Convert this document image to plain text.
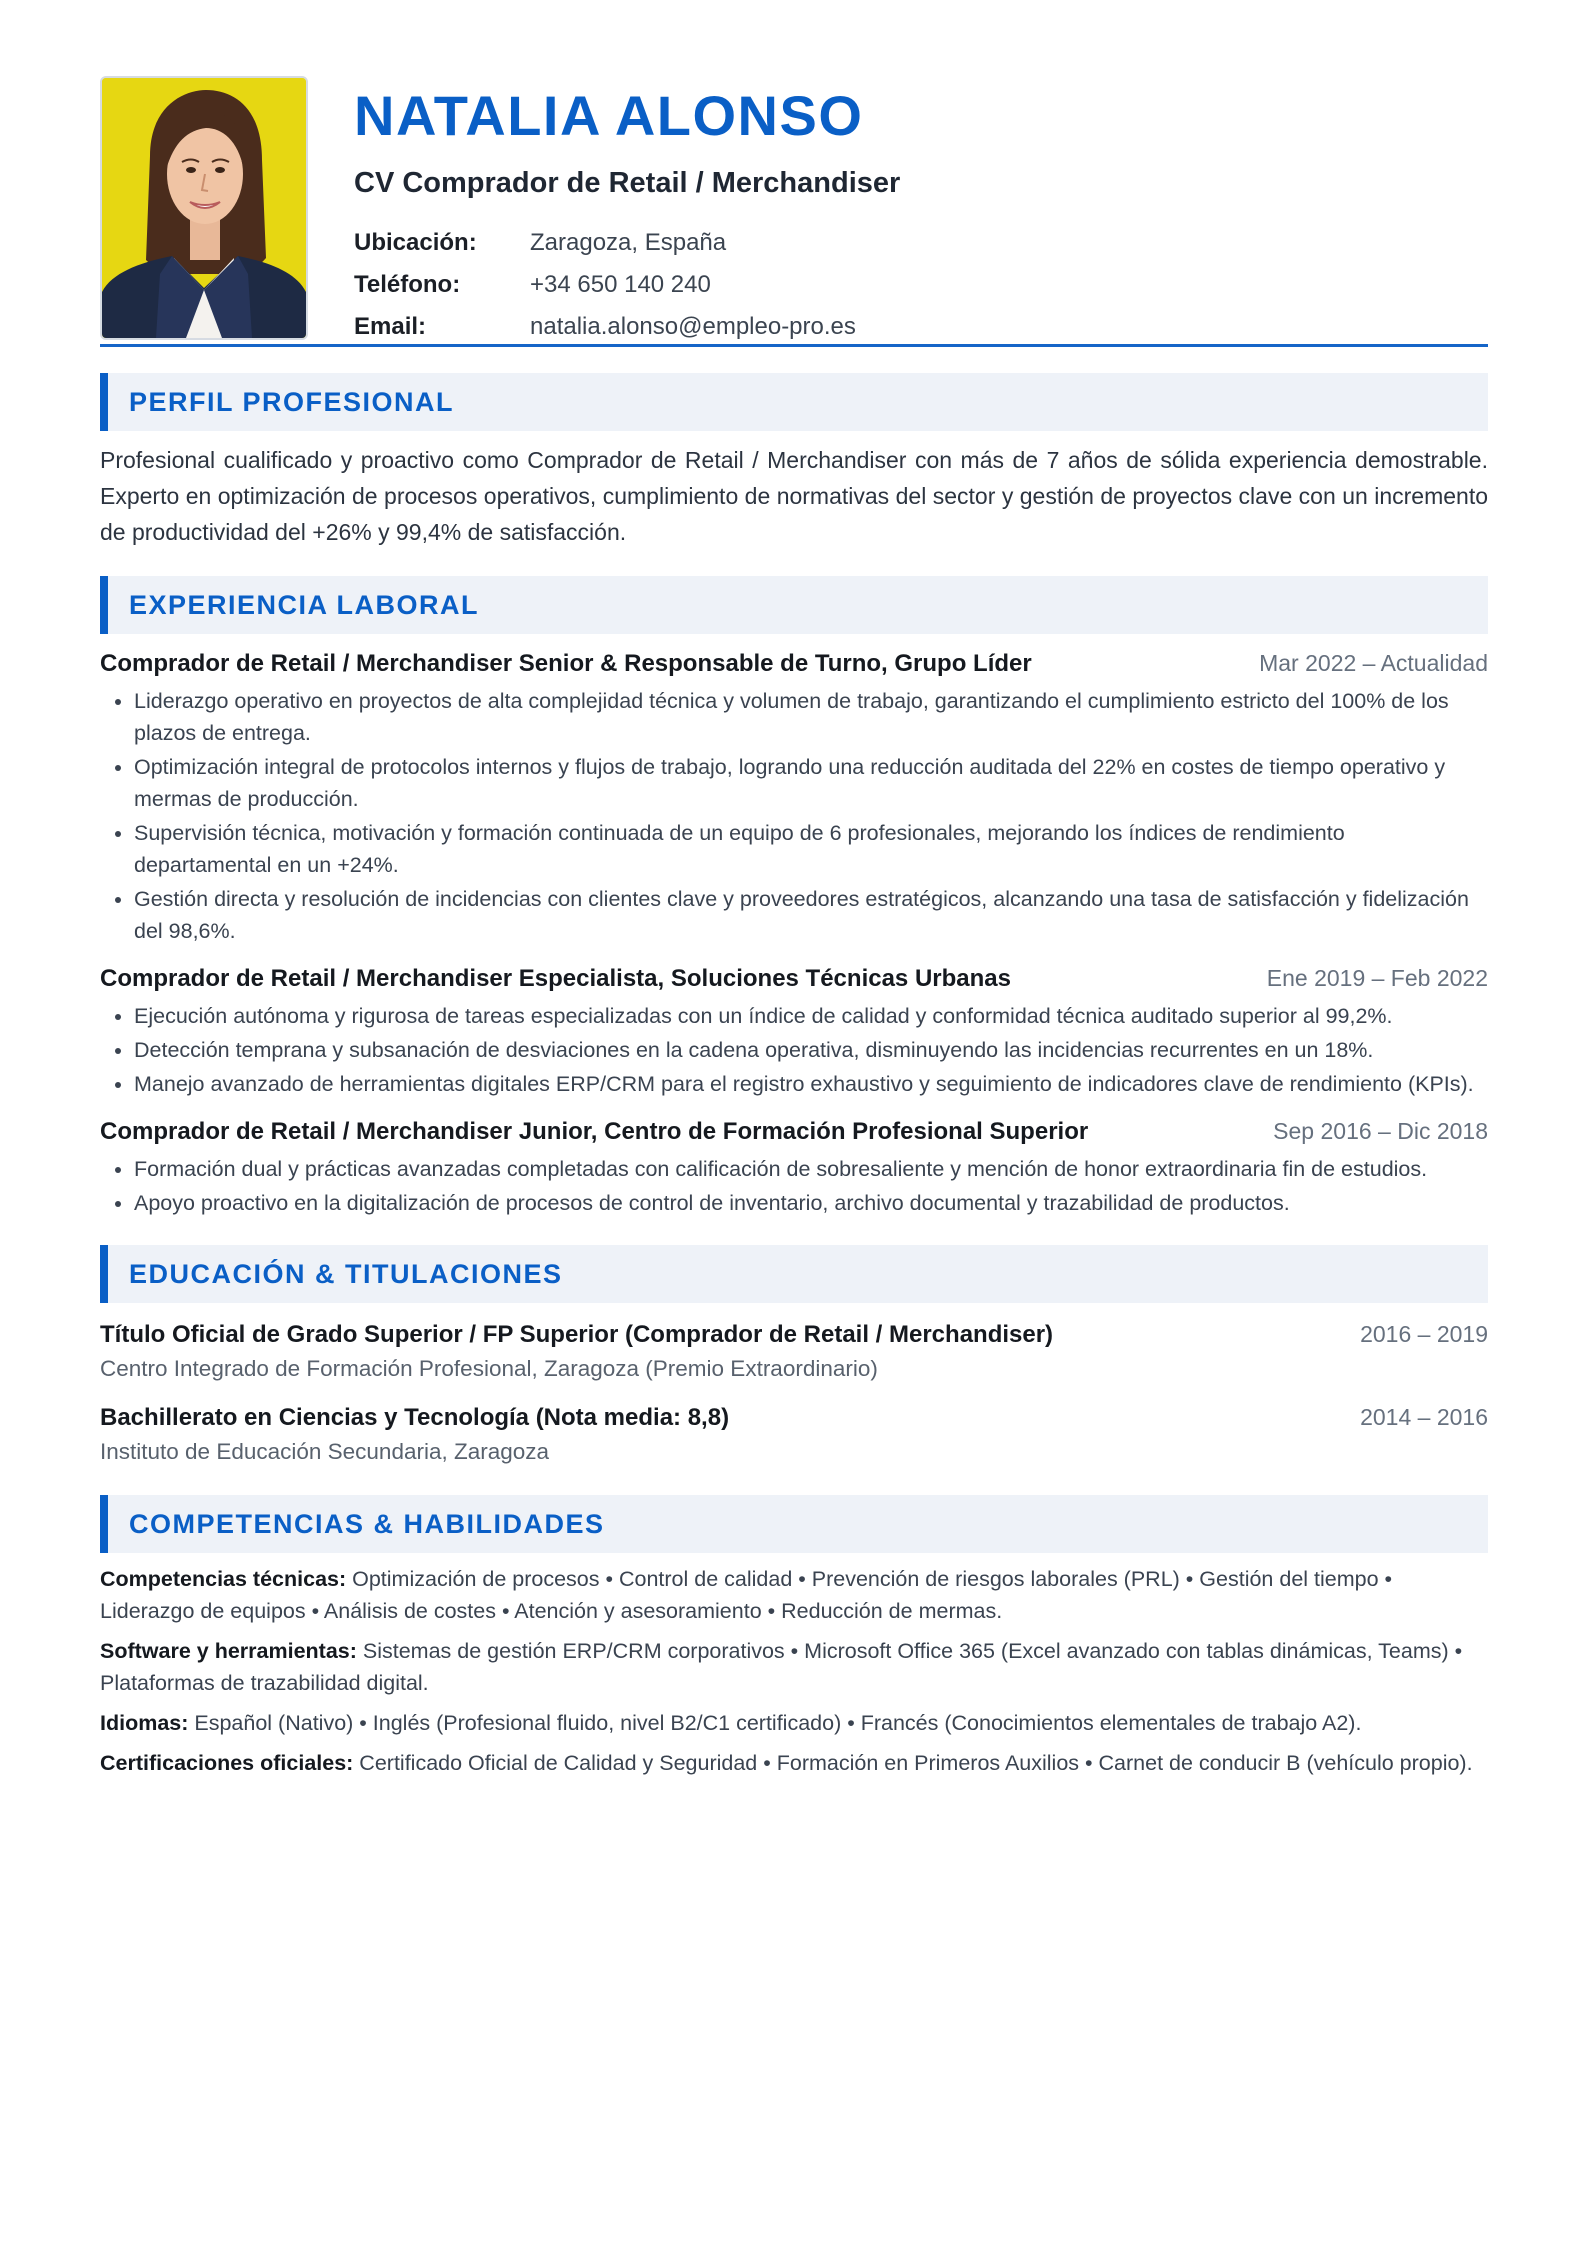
NATALIA ALONSO
CV Comprador de Retail / Merchandiser
Ubicación:	Zaragoza, España
Teléfono:	+34 650 140 240
Email:	natalia.alonso@empleo-pro.es
PERFIL PROFESIONAL
Profesional cualificado y proactivo como Comprador de Retail / Merchandiser con más de 7 años de sólida experiencia demostrable. Experto en optimización de procesos operativos, cumplimiento de normativas del sector y gestión de proyectos clave con un incremento de productividad del +26% y 99,4% de satisfacción.
EXPERIENCIA LABORAL
Comprador de Retail / Merchandiser Senior & Responsable de Turno, Grupo Líder	Mar 2022 – Actualidad
• Liderazgo operativo en proyectos de alta complejidad técnica y volumen de trabajo, garantizando el cumplimiento estricto del 100% de los plazos de entrega.
• Optimización integral de protocolos internos y flujos de trabajo, logrando una reducción auditada del 22% en costes de tiempo operativo y mermas de producción.
• Supervisión técnica, motivación y formación continuada de un equipo de 6 profesionales, mejorando los índices de rendimiento departamental en un +24%.
• Gestión directa y resolución de incidencias con clientes clave y proveedores estratégicos, alcanzando una tasa de satisfacción y fidelización del 98,6%.
Comprador de Retail / Merchandiser Especialista, Soluciones Técnicas Urbanas	Ene 2019 – Feb 2022
• Ejecución autónoma y rigurosa de tareas especializadas con un índice de calidad y conformidad técnica auditado superior al 99,2%.
• Detección temprana y subsanación de desviaciones en la cadena operativa, disminuyendo las incidencias recurrentes en un 18%.
• Manejo avanzado de herramientas digitales ERP/CRM para el registro exhaustivo y seguimiento de indicadores clave de rendimiento (KPIs).
Comprador de Retail / Merchandiser Junior, Centro de Formación Profesional Superior	Sep 2016 – Dic 2018
• Formación dual y prácticas avanzadas completadas con calificación de sobresaliente y mención de honor extraordinaria fin de estudios.
• Apoyo proactivo en la digitalización de procesos de control de inventario, archivo documental y trazabilidad de productos.
EDUCACIÓN & TITULACIONES
Título Oficial de Grado Superior / FP Superior (Comprador de Retail / Merchandiser)	2016 – 2019
Centro Integrado de Formación Profesional, Zaragoza (Premio Extraordinario)
Bachillerato en Ciencias y Tecnología (Nota media: 8,8)	2014 – 2016
Instituto de Educación Secundaria, Zaragoza
COMPETENCIAS & HABILIDADES
Competencias técnicas: Optimización de procesos • Control de calidad • Prevención de riesgos laborales (PRL) • Gestión del tiempo • Liderazgo de equipos • Análisis de costes • Atención y asesoramiento • Reducción de mermas.
Software y herramientas: Sistemas de gestión ERP/CRM corporativos • Microsoft Office 365 (Excel avanzado con tablas dinámicas, Teams) • Plataformas de trazabilidad digital.
Idiomas: Español (Nativo) • Inglés (Profesional fluido, nivel B2/C1 certificado) • Francés (Conocimientos elementales de trabajo A2).
Certificaciones oficiales: Certificado Oficial de Calidad y Seguridad • Formación en Primeros Auxilios • Carnet de conducir B (vehículo propio).
